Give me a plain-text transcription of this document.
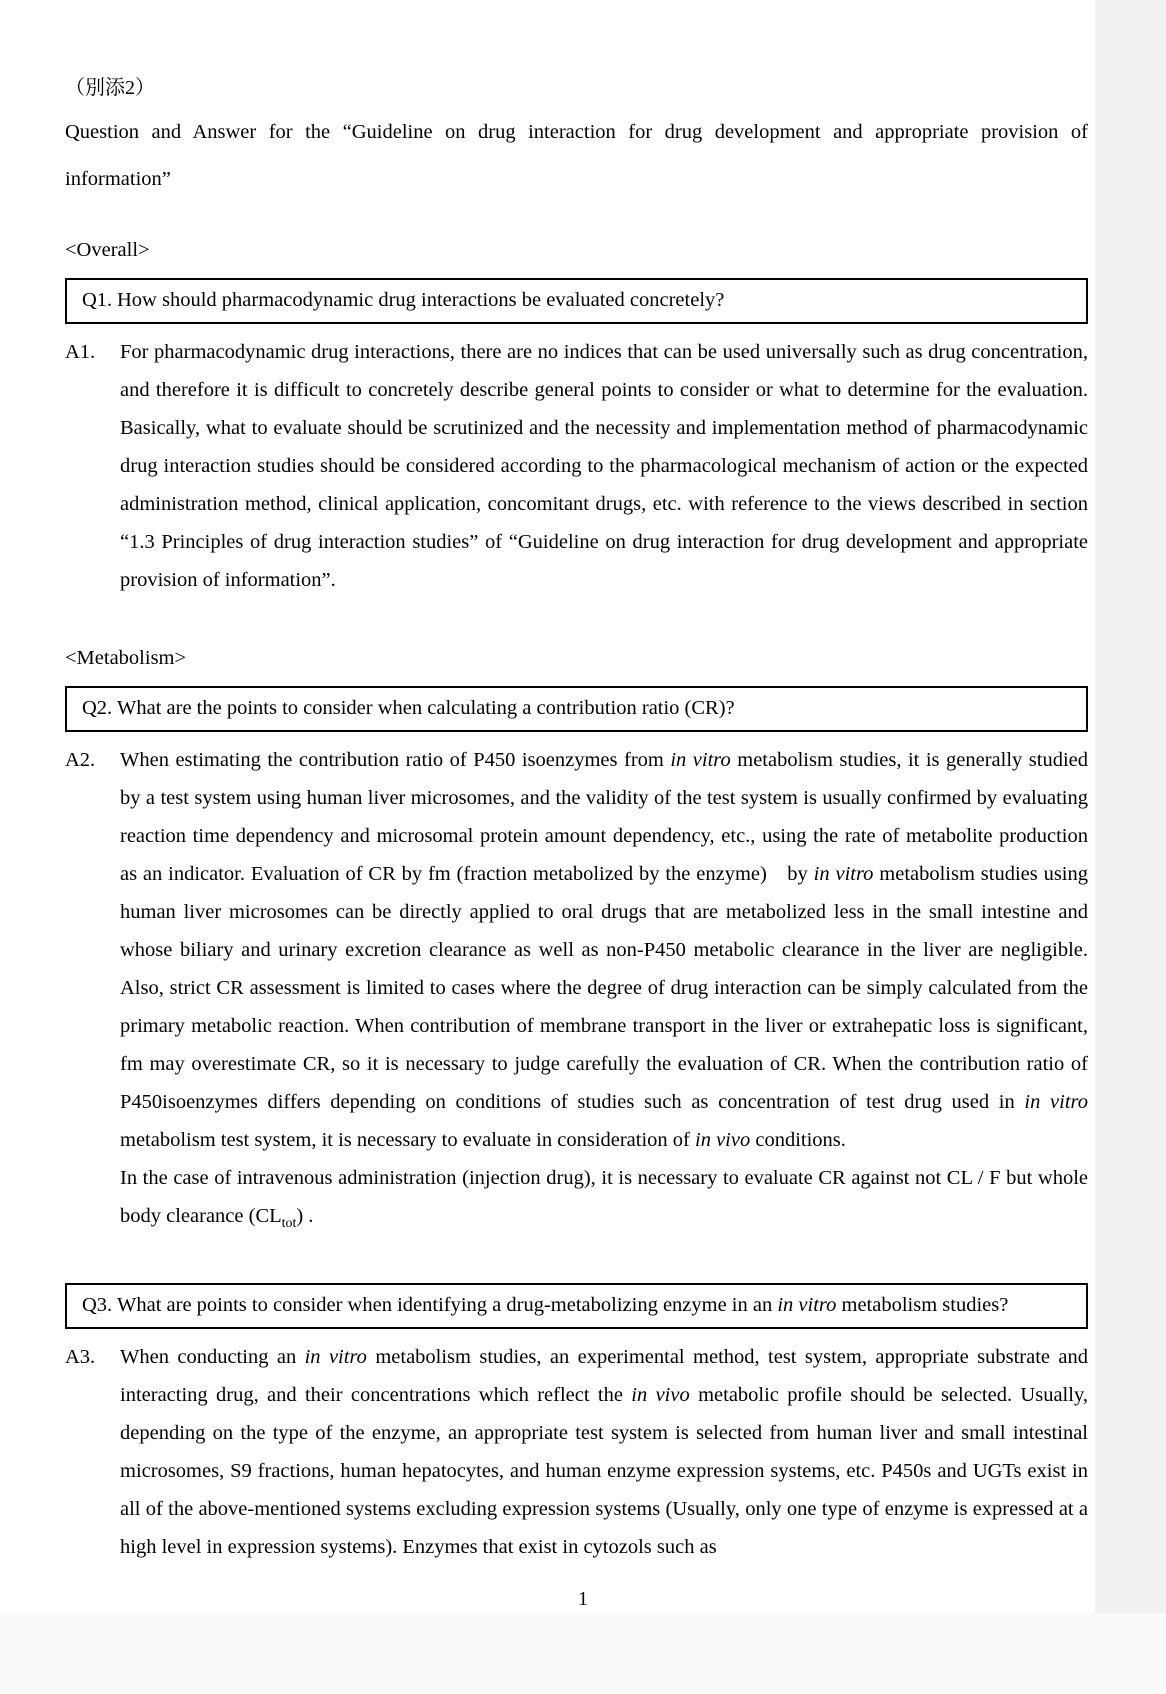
（別添2）
Question and Answer for the “Guideline on drug interaction for drug development and appropriate provision of information”
<Overall>
Q1. How should pharmacodynamic drug interactions be evaluated concretely?
A1. For pharmacodynamic drug interactions, there are no indices that can be used universally such as drug concentration, and therefore it is difficult to concretely describe general points to consider or what to determine for the evaluation. Basically, what to evaluate should be scrutinized and the necessity and implementation method of pharmacodynamic drug interaction studies should be considered according to the pharmacological mechanism of action or the expected administration method, clinical application, concomitant drugs, etc. with reference to the views described in section “1.3 Principles of drug interaction studies” of “Guideline on drug interaction for drug development and appropriate provision of information”.

<Metabolism>
Q2. What are the points to consider when calculating a contribution ratio (CR)?
A2. When estimating the contribution ratio of P450 isoenzymes from in vitro metabolism studies, it is generally studied by a test system using human liver microsomes, and the validity of the test system is usually confirmed by evaluating reaction time dependency and microsomal protein amount dependency, etc., using the rate of metabolite production as an indicator. Evaluation of CR by fm (fraction metabolized by the enzyme) by in vitro metabolism studies using human liver microsomes can be directly applied to oral drugs that are metabolized less in the small intestine and whose biliary and urinary excretion clearance as well as non-P450 metabolic clearance in the liver are negligible. Also, strict CR assessment is limited to cases where the degree of drug interaction can be simply calculated from the primary metabolic reaction. When contribution of membrane transport in the liver or extrahepatic loss is significant, fm may overestimate CR, so it is necessary to judge carefully the evaluation of CR. When the contribution ratio of P450isoenzymes differs depending on conditions of studies such as concentration of test drug used in in vitro metabolism test system, it is necessary to evaluate in consideration of in vivo conditions.

In the case of intravenous administration (injection drug), it is necessary to evaluate CR against not CL / F but whole body clearance $(CL_{tot})$ .

Q3. What are points to consider when identifying a drug-metabolizing enzyme in an in vitro metabolism studies?
A3. When conducting an in vitro metabolism studies, an experimental method, test system, appropriate substrate and interacting drug, and their concentrations which reflect the in vivo metabolic profile should be selected. Usually, depending on the type of the enzyme, an appropriate test system is selected from human liver and small intestinal microsomes, S9 fractions, human hepatocytes, and human enzyme expression systems, etc. P450s and UGTs exist in all of the above-mentioned systems excluding expression systems (Usually, only one type of enzyme is expressed at a high level in expression systems). Enzymes that exist in cytozols such as

1
